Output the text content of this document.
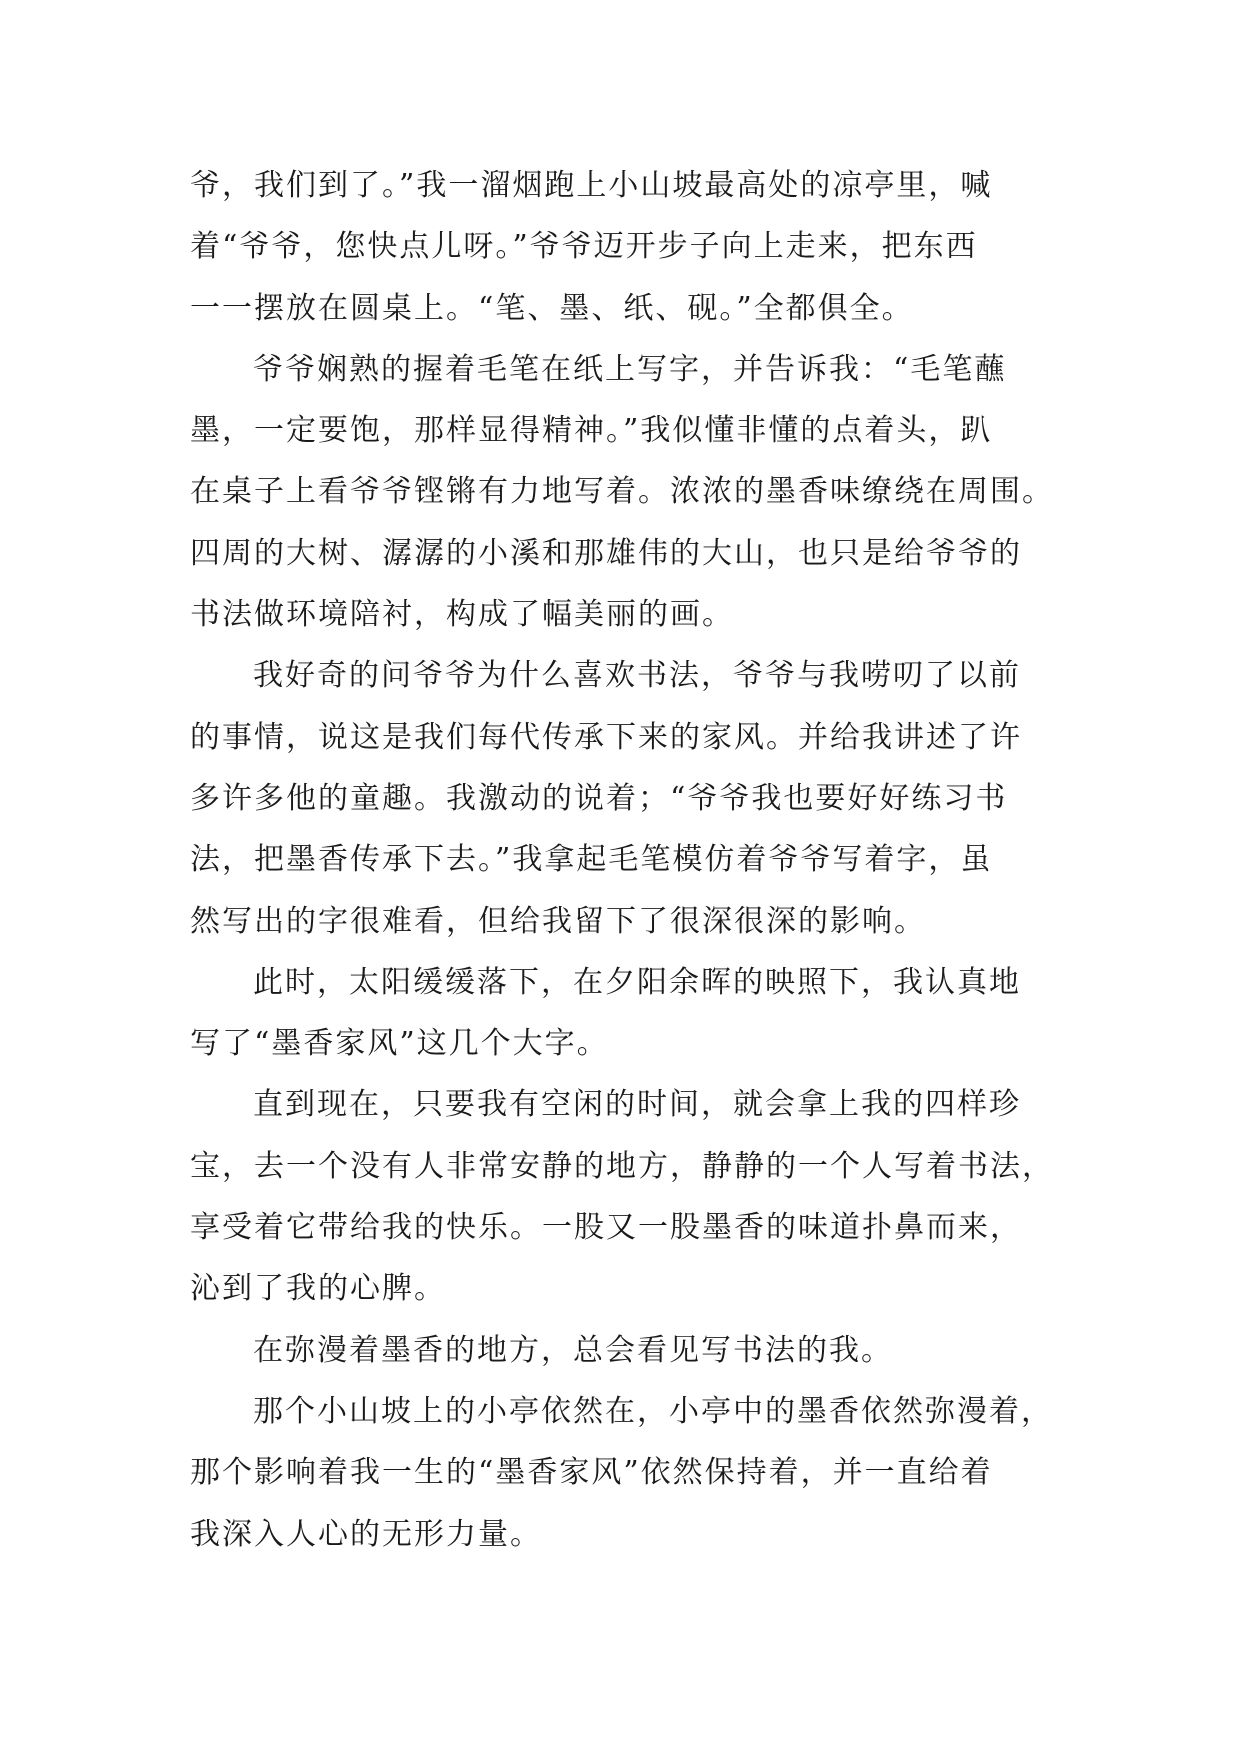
爷，我们到了。”我一溜烟跑上小山坡最高处的凉亭里，喊
着“爷爷，您快点儿呀。”爷爷迈开步子向上走来，把东西
一一摆放在圆桌上。“笔、墨、纸、砚。”全都俱全。
爷爷娴熟的握着毛笔在纸上写字，并告诉我：“毛笔蘸
墨，一定要饱，那样显得精神。”我似懂非懂的点着头，趴
在桌子上看爷爷铿锵有力地写着。浓浓的墨香味缭绕在周围。
四周的大树、潺潺的小溪和那雄伟的大山，也只是给爷爷的
书法做环境陪衬，构成了幅美丽的画。
我好奇的问爷爷为什么喜欢书法，爷爷与我唠叨了以前
的事情，说这是我们每代传承下来的家风。并给我讲述了许
多许多他的童趣。我激动的说着；“爷爷我也要好好练习书
法，把墨香传承下去。”我拿起毛笔模仿着爷爷写着字，虽
然写出的字很难看，但给我留下了很深很深的影响。
此时，太阳缓缓落下，在夕阳余晖的映照下，我认真地
写了“墨香家风”这几个大字。
直到现在，只要我有空闲的时间，就会拿上我的四样珍
宝，去一个没有人非常安静的地方，静静的一个人写着书法，
享受着它带给我的快乐。一股又一股墨香的味道扑鼻而来，
沁到了我的心脾。
在弥漫着墨香的地方，总会看见写书法的我。
那个小山坡上的小亭依然在，小亭中的墨香依然弥漫着，
那个影响着我一生的“墨香家风”依然保持着，并一直给着
我深入人心的无形力量。
